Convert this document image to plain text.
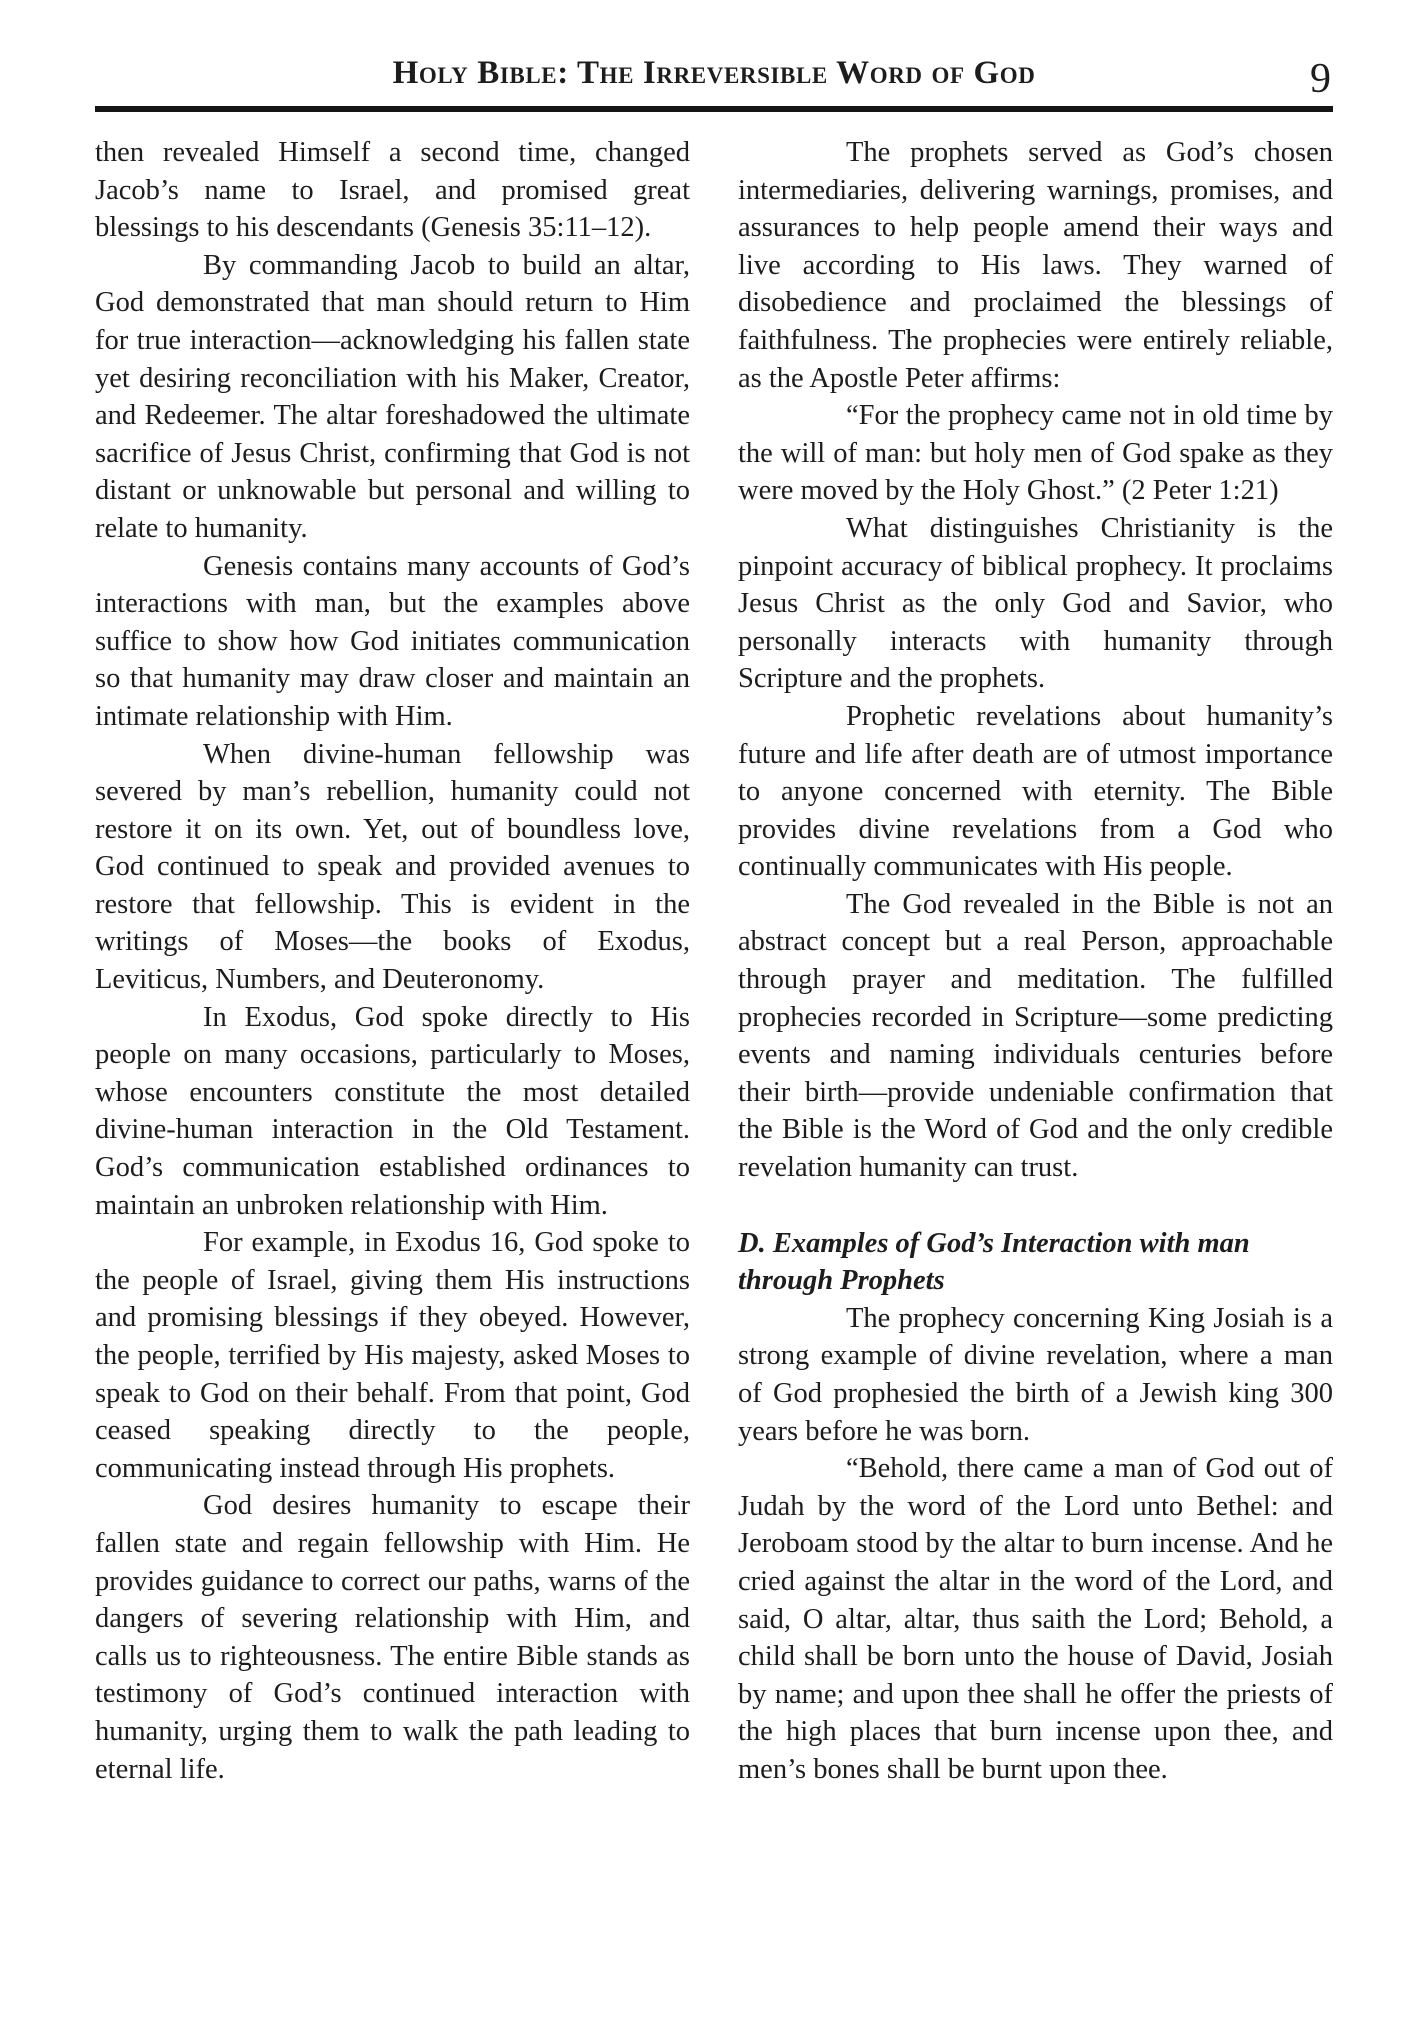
Holy Bible: The Irreversible Word of God	9

then revealed Himself a second time, changed Jacob’s name to Israel, and promised great blessings to his descendants (Genesis 35:11–12).

By commanding Jacob to build an altar, God demonstrated that man should return to Him for true interaction—acknowledging his fallen state yet desiring reconciliation with his Maker, Creator, and Redeemer. The altar foreshadowed the ultimate sacrifice of Jesus Christ, confirming that God is not distant or unknowable but personal and willing to relate to humanity.

Genesis contains many accounts of God’s interactions with man, but the examples above suffice to show how God initiates communication so that humanity may draw closer and maintain an intimate relationship with Him.

When divine-human fellowship was severed by man’s rebellion, humanity could not restore it on its own. Yet, out of boundless love, God continued to speak and provided avenues to restore that fellowship. This is evident in the writings of Moses—the books of Exodus, Leviticus, Numbers, and Deuteronomy.

In Exodus, God spoke directly to His people on many occasions, particularly to Moses, whose encounters constitute the most detailed divine-human interaction in the Old Testament. God’s communication established ordinances to maintain an unbroken relationship with Him.

For example, in Exodus 16, God spoke to the people of Israel, giving them His instructions and promising blessings if they obeyed. However, the people, terrified by His majesty, asked Moses to speak to God on their behalf. From that point, God ceased speaking directly to the people, communicating instead through His prophets.

God desires humanity to escape their fallen state and regain fellowship with Him. He provides guidance to correct our paths, warns of the dangers of severing relationship with Him, and calls us to righteousness. The entire Bible stands as testimony of God’s continued interaction with humanity, urging them to walk the path leading to eternal life.

The prophets served as God’s chosen intermediaries, delivering warnings, promises, and assurances to help people amend their ways and live according to His laws. They warned of disobedience and proclaimed the blessings of faithfulness. The prophecies were entirely reliable, as the Apostle Peter affirms:

“For the prophecy came not in old time by the will of man: but holy men of God spake as they were moved by the Holy Ghost.” (2 Peter 1:21)

What distinguishes Christianity is the pinpoint accuracy of biblical prophecy. It proclaims Jesus Christ as the only God and Savior, who personally interacts with humanity through Scripture and the prophets.

Prophetic revelations about humanity’s future and life after death are of utmost importance to anyone concerned with eternity. The Bible provides divine revelations from a God who continually communicates with His people.

The God revealed in the Bible is not an abstract concept but a real Person, approachable through prayer and meditation. The fulfilled prophecies recorded in Scripture—some predicting events and naming individuals centuries before their birth—provide undeniable confirmation that the Bible is the Word of God and the only credible revelation humanity can trust.

D. Examples of God’s Interaction with man through Prophets

The prophecy concerning King Josiah is a strong example of divine revelation, where a man of God prophesied the birth of a Jewish king 300 years before he was born.

“Behold, there came a man of God out of Judah by the word of the Lord unto Bethel: and Jeroboam stood by the altar to burn incense. And he cried against the altar in the word of the Lord, and said, O altar, altar, thus saith the Lord; Behold, a child shall be born unto the house of David, Josiah by name; and upon thee shall he offer the priests of the high places that burn incense upon thee, and men’s bones shall be burnt upon thee.
